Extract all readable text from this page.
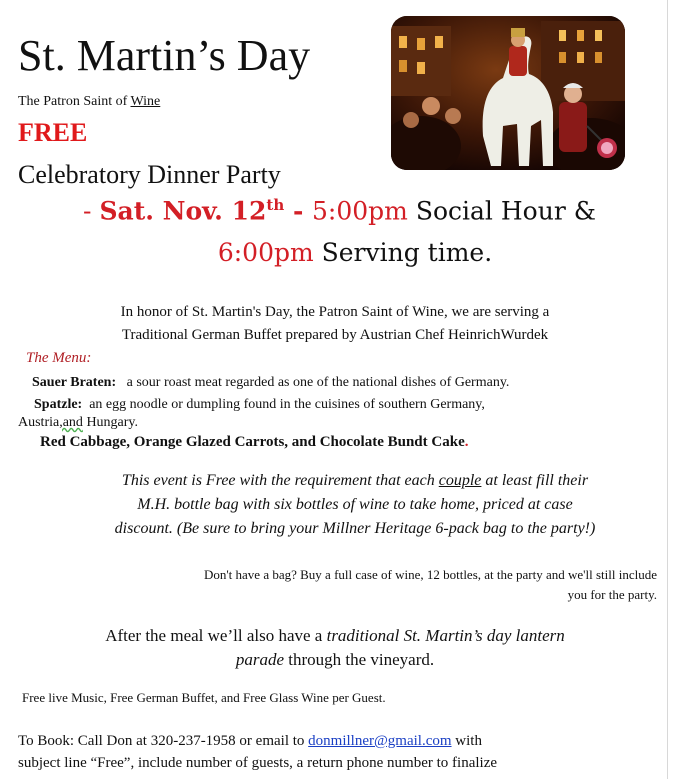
St. Martin’s Day
The Patron Saint of Wine
FREE
Celebratory Dinner Party
- Sat. Nov. 12th - 5:00pm Social Hour &
6:00pm Serving time.
In honor of St. Martin's Day, the Patron Saint of Wine, we are serving a
Traditional German Buffet prepared by Austrian Chef HeinrichWurdek
The Menu:
Sauer Braten: a sour roast meat regarded as one of the national dishes of Germany.
Spatzle: an egg noodle or dumpling found in the cuisines of southern Germany,
Austria,and Hungary.
Red Cabbage, Orange Glazed Carrots, and Chocolate Bundt Cake.
This event is Free with the requirement that each couple at least fill their
M.H. bottle bag with six bottles of wine to take home, priced at case
discount. (Be sure to bring your Millner Heritage 6-pack bag to the party!)
Don't have a bag? Buy a full case of wine, 12 bottles, at the party and we'll still include
you for the party.
After the meal we’ll also have a traditional St. Martin’s day lantern
parade through the vineyard.
Free live Music, Free German Buffet, and Free Glass Wine per Guest.
To Book: Call Don at 320-237-1958 or email to donmillner@gmail.com with
subject line “Free”, include number of guests, a return phone number to finalize
